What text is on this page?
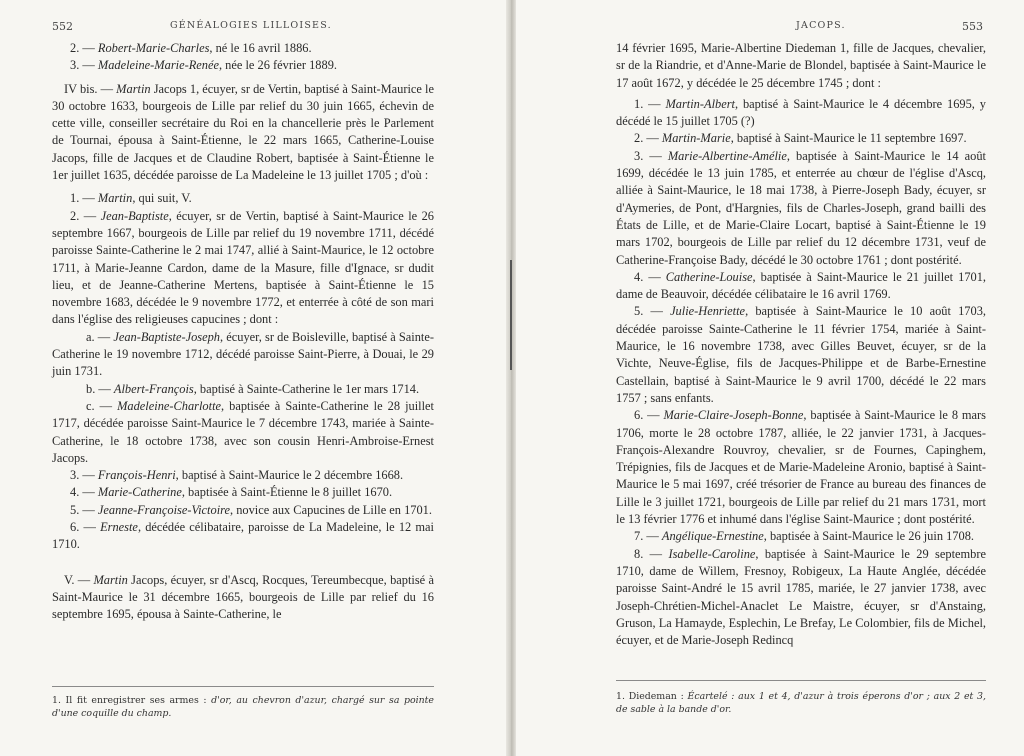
552	GÉNÉALOGIES LILLOISES.

2. — Robert-Marie-Charles, né le 16 avril 1886.

3. — Madeleine-Marie-Renée, née le 26 février 1889.

IV bis. — Martin Jacops 1, écuyer, sr de Vertin, baptisé à Saint-Maurice le 30 octobre 1633, bourgeois de Lille par relief du 30 juin 1665, échevin de cette ville, conseiller secrétaire du Roi en la chancellerie près le Parlement de Tournai, épousa à Saint-Étienne, le 22 mars 1665, Catherine-Louise Jacops, fille de Jacques et de Claudine Robert, baptisée à Saint-Étienne le 1er juillet 1635, décédée paroisse de La Madeleine le 13 juillet 1705 ; d'où :

1. — Martin, qui suit, V.

2. — Jean-Baptiste, écuyer, sr de Vertin, baptisé à Saint-Maurice le 26 septembre 1667, bourgeois de Lille par relief du 19 novembre 1711, décédé paroisse Sainte-Catherine le 2 mai 1747, allié à Saint-Maurice, le 12 octobre 1711, à Marie-Jeanne Cardon, dame de la Masure, fille d'Ignace, sr dudit lieu, et de Jeanne-Catherine Mertens, baptisée à Saint-Étienne le 15 novembre 1683, décédée le 9 novembre 1772, et enterrée à côté de son mari dans l'église des religieuses capucines ; dont :

a. — Jean-Baptiste-Joseph, écuyer, sr de Boisleville, baptisé à Sainte-Catherine le 19 novembre 1712, décédé paroisse Saint-Pierre, à Douai, le 29 juin 1731.

b. — Albert-François, baptisé à Sainte-Catherine le 1er mars 1714.

c. — Madeleine-Charlotte, baptisée à Sainte-Catherine le 28 juillet 1717, décédée paroisse Saint-Maurice le 7 décembre 1743, mariée à Sainte-Catherine, le 18 octobre 1738, avec son cousin Henri-Ambroise-Ernest Jacops.

3. — François-Henri, baptisé à Saint-Maurice le 2 décembre 1668.

4. — Marie-Catherine, baptisée à Saint-Étienne le 8 juillet 1670.

5. — Jeanne-Françoise-Victoire, novice aux Capucines de Lille en 1701.

6. — Erneste, décédée célibataire, paroisse de La Madeleine, le 12 mai 1710.

V. — Martin Jacops, écuyer, sr d'Ascq, Rocques, Tereumbecque, baptisé à Saint-Maurice le 31 décembre 1665, bourgeois de Lille par relief du 16 septembre 1695, épousa à Sainte-Catherine, le

1. Il fit enregistrer ses armes : d'or, au chevron d'azur, chargé sur sa pointe d'une coquille du champ.
JACOPS.	553

14 février 1695, Marie-Albertine Diedeman 1, fille de Jacques, chevalier, sr de la Riandrie, et d'Anne-Marie de Blondel, baptisée à Saint-Maurice le 17 août 1672, y décédée le 25 décembre 1745 ; dont :

1. — Martin-Albert, baptisé à Saint-Maurice le 4 décembre 1695, y décédé le 15 juillet 1705 (?)

2. — Martin-Marie, baptisé à Saint-Maurice le 11 septembre 1697.

3. — Marie-Albertine-Amélie, baptisée à Saint-Maurice le 14 août 1699, décédée le 13 juin 1785, et enterrée au chœur de l'église d'Ascq, alliée à Saint-Maurice, le 18 mai 1738, à Pierre-Joseph Bady, écuyer, sr d'Aymeries, de Pont, d'Hargnies, fils de Charles-Joseph, grand bailli des États de Lille, et de Marie-Claire Locart, baptisé à Saint-Étienne le 19 mars 1702, bourgeois de Lille par relief du 12 décembre 1731, veuf de Catherine-Françoise Bady, décédé le 30 octobre 1761 ; dont postérité.

4. — Catherine-Louise, baptisée à Saint-Maurice le 21 juillet 1701, dame de Beauvoir, décédée célibataire le 16 avril 1769.

5. — Julie-Henriette, baptisée à Saint-Maurice le 10 août 1703, décédée paroisse Sainte-Catherine le 11 février 1754, mariée à Saint-Maurice, le 16 novembre 1738, avec Gilles Beuvet, écuyer, sr de la Vichte, Neuve-Église, fils de Jacques-Philippe et de Barbe-Ernestine Castellain, baptisé à Saint-Maurice le 9 avril 1700, décédé le 22 mars 1757 ; sans enfants.

6. — Marie-Claire-Joseph-Bonne, baptisée à Saint-Maurice le 8 mars 1706, morte le 28 octobre 1787, alliée, le 22 janvier 1731, à Jacques-François-Alexandre Rouvroy, chevalier, sr de Fournes, Capinghem, Trépignies, fils de Jacques et de Marie-Madeleine Aronio, baptisé à Saint-Maurice le 5 mai 1697, créé trésorier de France au bureau des finances de Lille le 3 juillet 1721, bourgeois de Lille par relief du 21 mars 1731, mort le 13 février 1776 et inhumé dans l'église Saint-Maurice ; dont postérité.

7. — Angélique-Ernestine, baptisée à Saint-Maurice le 26 juin 1708.

8. — Isabelle-Caroline, baptisée à Saint-Maurice le 29 septembre 1710, dame de Willem, Fresnoy, Robigeux, La Haute Anglée, décédée paroisse Saint-André le 15 avril 1785, mariée, le 27 janvier 1738, avec Joseph-Chrétien-Michel-Anaclet Le Maistre, écuyer, sr d'Anstaing, Gruson, La Hamayde, Esplechin, Le Brefay, Le Colombier, fils de Michel, écuyer, et de Marie-Joseph Redincq

1. Diedeman : Écartelé : aux 1 et 4, d'azur à trois éperons d'or ; aux 2 et 3, de sable à la bande d'or.
